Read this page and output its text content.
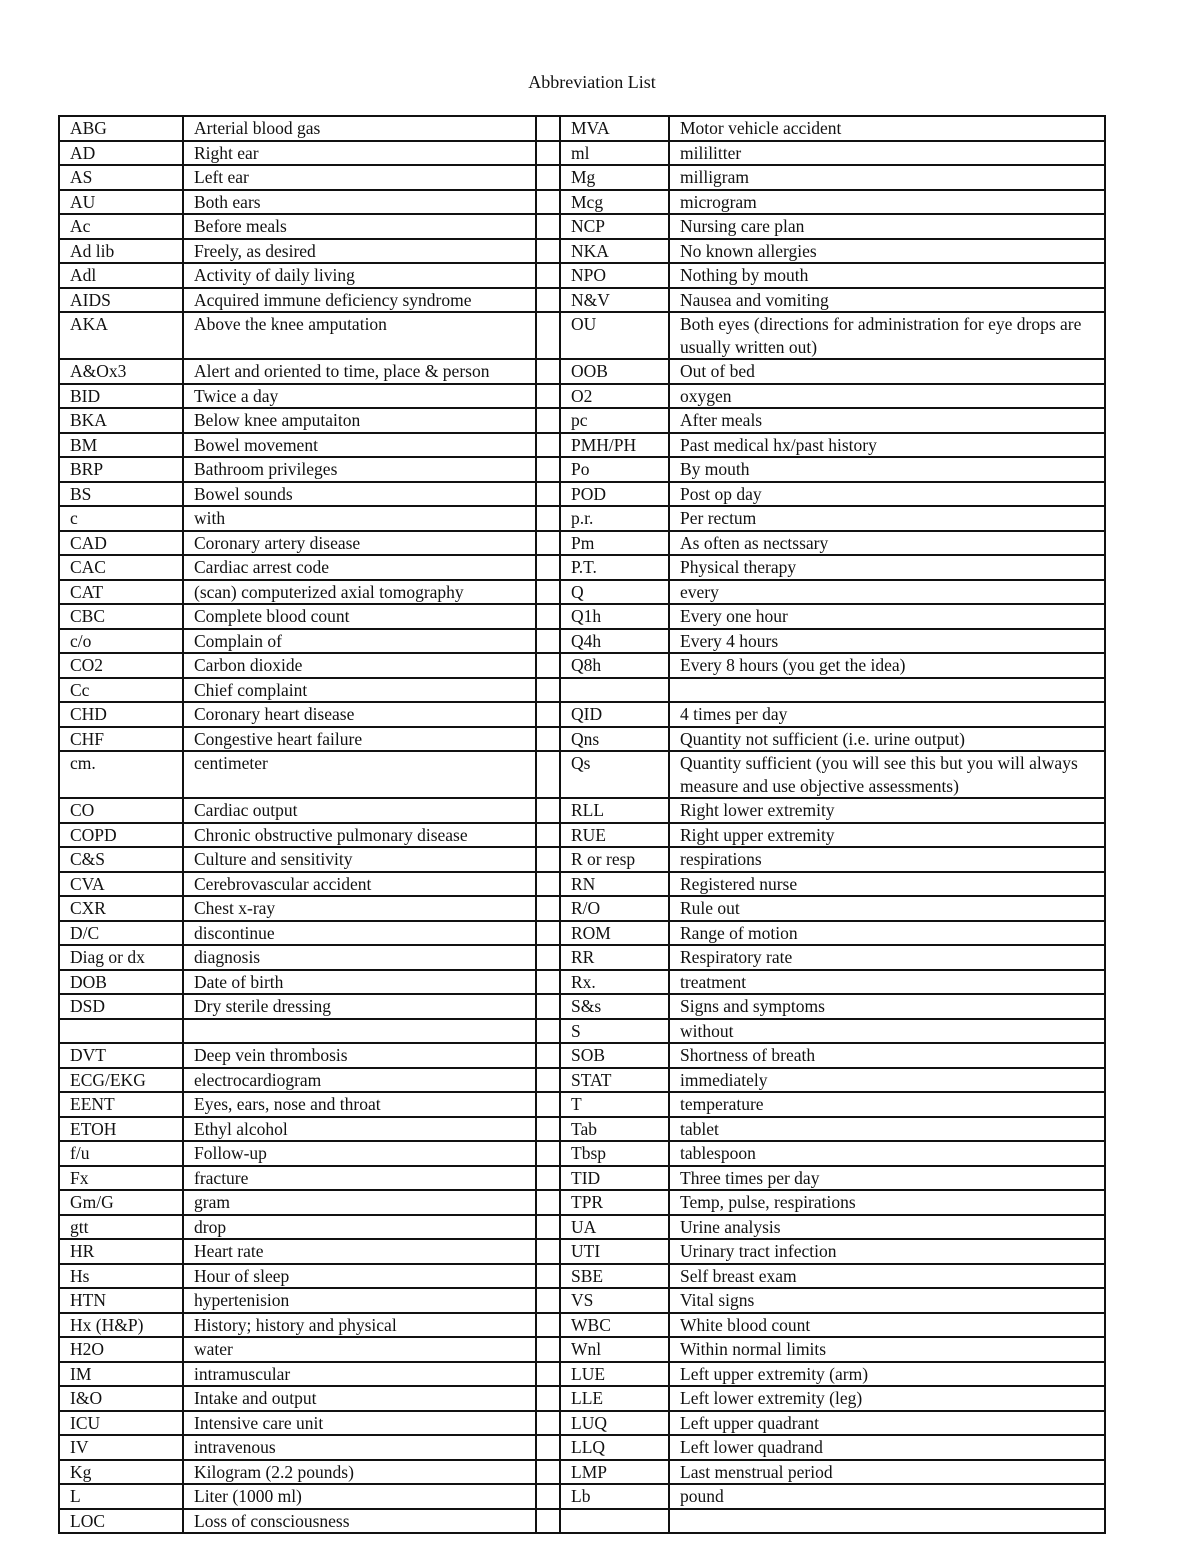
Abbreviation List
ABG	Arterial blood gas		MVA	Motor vehicle accident
AD	Right ear		ml	mililitter
AS	Left ear		Mg	milligram
AU	Both ears		Mcg	microgram
Ac	Before meals		NCP	Nursing care plan
Ad lib	Freely, as desired		NKA	No known allergies
Adl	Activity of daily living		NPO	Nothing by mouth
AIDS	Acquired immune deficiency syndrome		N&V	Nausea and vomiting
AKA	Above the knee amputation		OU	Both eyes (directions for administration for eye drops are usually written out)
A&Ox3	Alert and oriented to time, place & person		OOB	Out of bed
BID	Twice a day		O2	oxygen
BKA	Below knee amputaiton		pc	After meals
BM	Bowel movement		PMH/PH	Past medical hx/past history
BRP	Bathroom privileges		Po	By mouth
BS	Bowel sounds		POD	Post op day
c	with		p.r.	Per rectum
CAD	Coronary artery disease		Pm	As often as nectssary
CAC	Cardiac arrest code		P.T.	Physical therapy
CAT	(scan) computerized axial tomography		Q	every
CBC	Complete blood count		Q1h	Every one hour
c/o	Complain of		Q4h	Every 4 hours
CO2	Carbon dioxide		Q8h	Every 8 hours (you get the idea)
Cc	Chief complaint			
CHD	Coronary heart disease		QID	4 times per day
CHF	Congestive heart failure		Qns	Quantity not sufficient (i.e. urine output)
cm.	centimeter		Qs	Quantity sufficient (you will see this but you will always measure and use objective assessments)
CO	Cardiac output		RLL	Right lower extremity
COPD	Chronic obstructive pulmonary disease		RUE	Right upper extremity
C&S	Culture and sensitivity		R or resp	respirations
CVA	Cerebrovascular accident		RN	Registered nurse
CXR	Chest x-ray		R/O	Rule out
D/C	discontinue		ROM	Range of motion
Diag or dx	diagnosis		RR	Respiratory rate
DOB	Date of birth		Rx.	treatment
DSD	Dry sterile dressing		S&s	Signs and symptoms
			S	without
DVT	Deep vein thrombosis		SOB	Shortness of breath
ECG/EKG	electrocardiogram		STAT	immediately
EENT	Eyes, ears, nose and throat		T	temperature
ETOH	Ethyl alcohol		Tab	tablet
f/u	Follow-up		Tbsp	tablespoon
Fx	fracture		TID	Three times per day
Gm/G	gram		TPR	Temp, pulse, respirations
gtt	drop		UA	Urine analysis
HR	Heart rate		UTI	Urinary tract infection
Hs	Hour of sleep		SBE	Self breast exam
HTN	hypertenision		VS	Vital signs
Hx (H&P)	History; history and physical		WBC	White blood count
H2O	water		Wnl	Within normal limits
IM	intramuscular		LUE	Left upper extremity (arm)
I&O	Intake and output		LLE	Left lower extremity (leg)
ICU	Intensive care unit		LUQ	Left upper quadrant
IV	intravenous		LLQ	Left lower quadrand
Kg	Kilogram (2.2 pounds)		LMP	Last menstrual period
L	Liter (1000 ml)		Lb	pound
LOC	Loss of consciousness			
